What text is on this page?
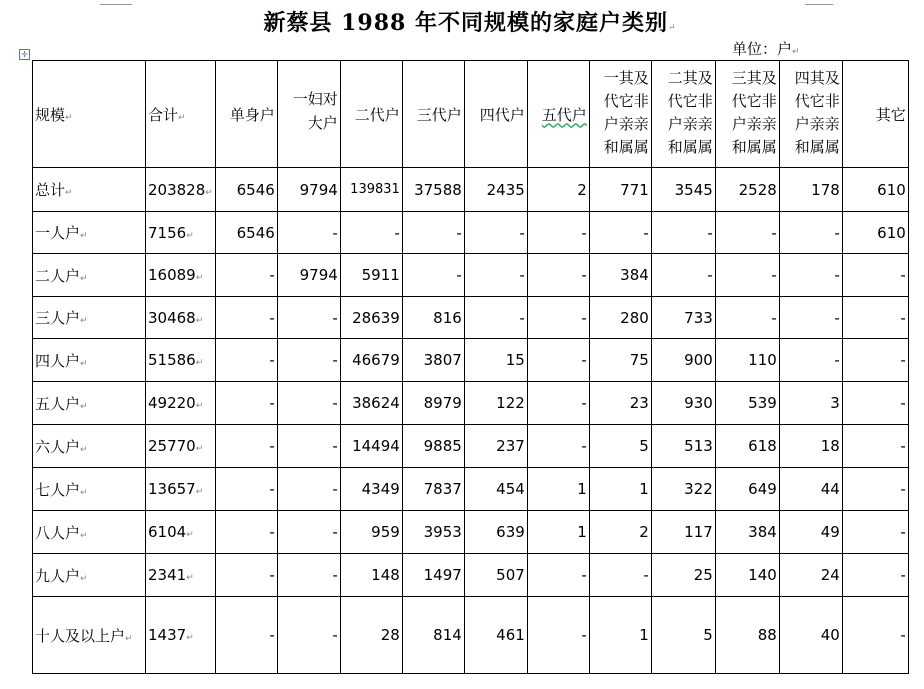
新蔡县 1988 年不同规模的家庭户类别↵
单位：户↵
✛
规模↵	合计↵	单身户	一妇对大户	二代户	三代户	四代户	五代户	一其及代它非户亲亲和属属	二其及代它非户亲亲和属属	三其及代它非户亲亲和属属	四其及代它非户亲亲和属属	其它
总计↵	203828↵	6546	9794	139831	37588	2435	2	771	3545	2528	178	610
一人户↵	7156↵	6546	-	-	-	-	-	-	-	-	-	610
二人户↵	16089↵	-	9794	5911	-	-	-	384	-	-	-	-
三人户↵	30468↵	-	-	28639	816	-	-	280	733	-	-	-
四人户↵	51586↵	-	-	46679	3807	15	-	75	900	110	-	-
五人户↵	49220↵	-	-	38624	8979	122	-	23	930	539	3	-
六人户↵	25770↵	-	-	14494	9885	237	-	5	513	618	18	-
七人户↵	13657↵	-	-	4349	7837	454	1	1	322	649	44	-
八人户↵	6104↵	-	-	959	3953	639	1	2	117	384	49	-
九人户↵	2341↵	-	-	148	1497	507	-	-	25	140	24	-
十人及以上户↵	1437↵	-	-	28	814	461	-	1	5	88	40	-
